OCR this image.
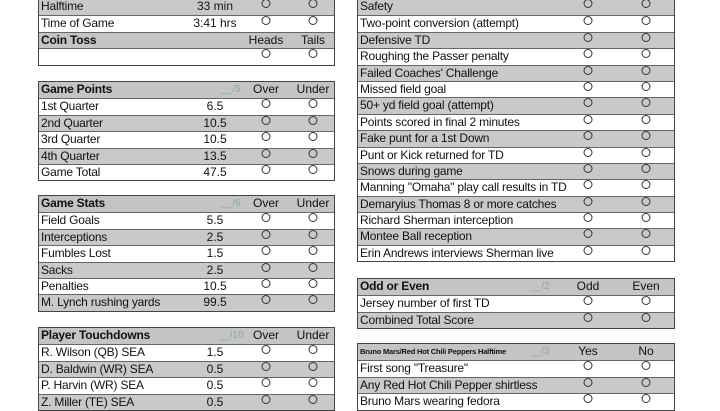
Halftime	33 min
Time of Game	3:41 hrs
Coin Toss	Heads Tails
Game Points	__/5 Over Under
1st Quarter	6.5
2nd Quarter	10.5
3rd Quarter	10.5
4th Quarter	13.5
Game Total	47.5
Game Stats	__/6 Over Under
Field Goals	5.5
Interceptions	2.5
Fumbles Lost	1.5
Sacks	2.5
Penalties	10.5
M. Lynch rushing yards	99.5
Player Touchdowns	__/10 Over Under
R. Wilson (QB) SEA	1.5
D. Baldwin (WR) SEA	0.5
P. Harvin (WR) SEA	0.5
Z. Miller (TE) SEA	0.5
Safety
Two-point conversion (attempt)
Defensive TD
Roughing the Passer penalty
Failed Coaches' Challenge
Missed field goal
50+ yd field goal (attempt)
Points scored in final 2 minutes
Fake punt for a 1st Down
Punt or Kick returned for TD
Snows during game
Manning "Omaha" play call results in TD
Demaryius Thomas 8 or more catches
Richard Sherman interception
Montee Ball reception
Erin Andrews interviews Sherman live
Odd or Even	__/2 Odd	Even
Jersey number of first TD
Combined Total Score
Bruno Mars/Red Hot Chili Peppers Halftime __/3 Yes	No
First song "Treasure"
Any Red Hot Chili Pepper shirtless
Bruno Mars wearing fedora
